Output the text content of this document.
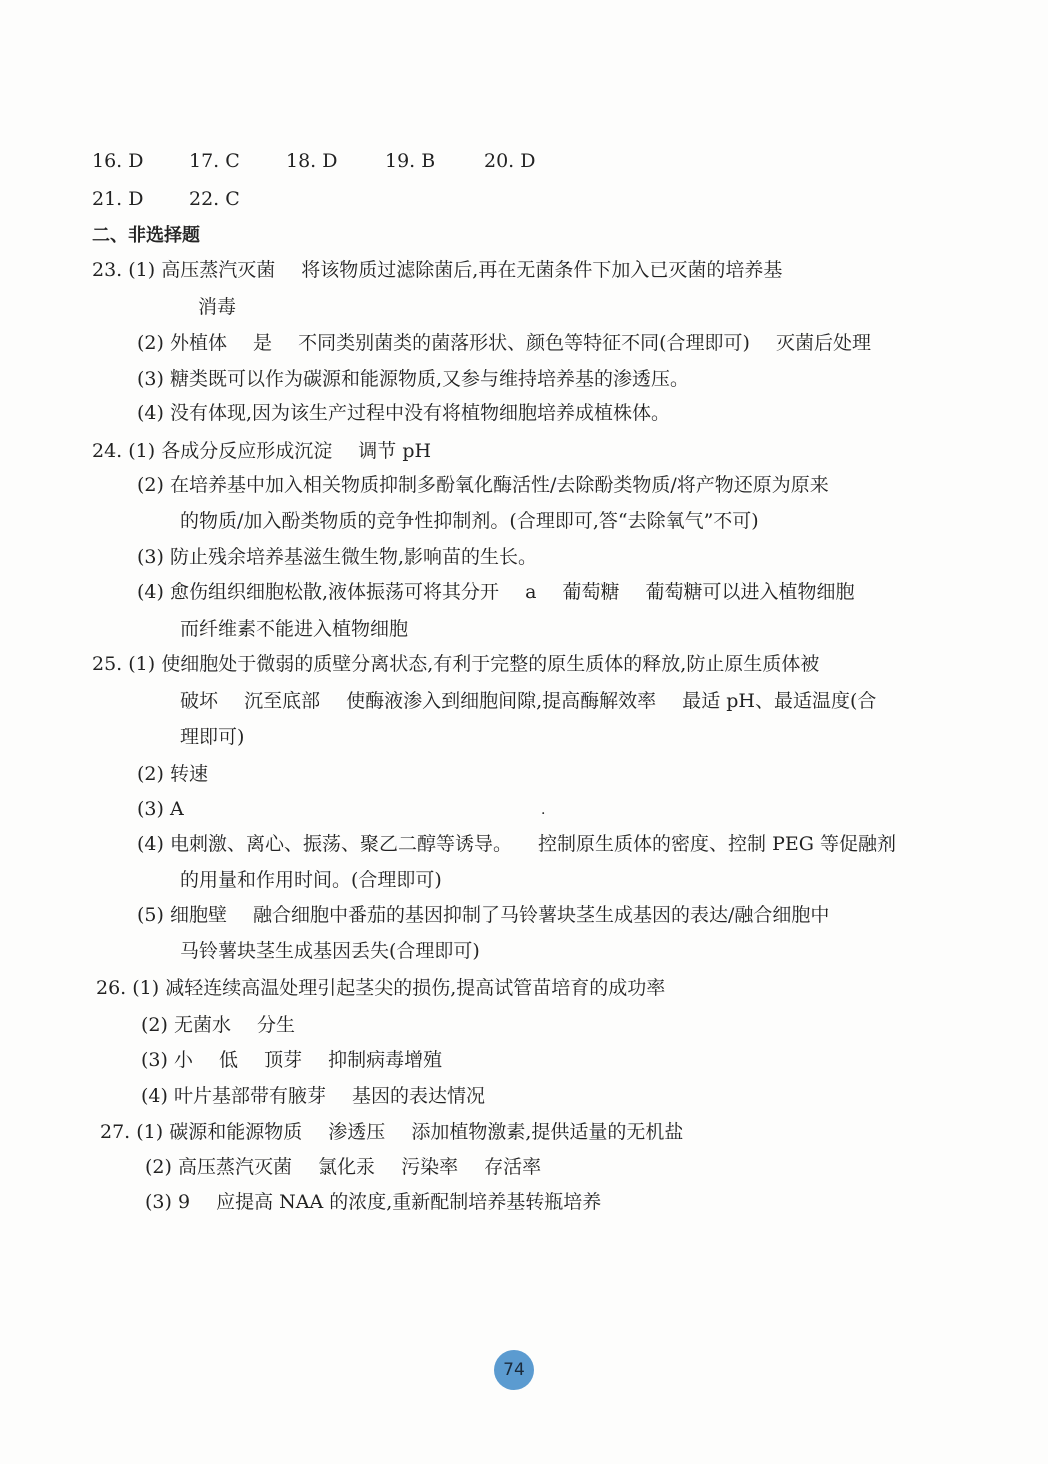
16. D 17. C 18. D	19. B	20. D
21. D 22. C
二、非选择题
23. (1) 高压蒸汽灭菌 将该物质过滤除菌后,再在无菌条件下加入已灭菌的培养基
消毒
(2) 外植体 是 不同类别菌类的菌落形状、颜色等特征不同(合理即可) 灭菌后处理
(3) 糖类既可以作为碳源和能源物质,又参与维持培养基的渗透压。
(4) 没有体现,因为该生产过程中没有将植物细胞培养成植株体。
24. (1) 各成分反应形成沉淀 调节 pH
(2) 在培养基中加入相关物质抑制多酚氧化酶活性/去除酚类物质/将产物还原为原来
的物质/加入酚类物质的竞争性抑制剂。(合理即可,答“去除氧气”不可)
(3) 防止残余培养基滋生微生物,影响苗的生长。
(4) 愈伤组织细胞松散,液体振荡可将其分开 a 葡萄糖 葡萄糖可以进入植物细胞
而纤维素不能进入植物细胞
25. (1) 使细胞处于微弱的质壁分离状态,有利于完整的原生质体的释放,防止原生质体被
破坏 沉至底部 使酶液渗入到细胞间隙,提高酶解效率 最适 pH、最适温度(合
理即可)
(2) 转速
(3) A	·
(4) 电刺激、离心、振荡、聚乙二醇等诱导。 控制原生质体的密度、控制 PEG 等促融剂
的用量和作用时间。(合理即可)
(5) 细胞壁 融合细胞中番茄的基因抑制了马铃薯块茎生成基因的表达/融合细胞中
马铃薯块茎生成基因丢失(合理即可)
26. (1) 减轻连续高温处理引起茎尖的损伤,提高试管苗培育的成功率
(2) 无菌水 分生
(3) 小 低 顶芽 抑制病毒增殖
(4) 叶片基部带有腋芽 基因的表达情况
27. (1) 碳源和能源物质 渗透压 添加植物激素,提供适量的无机盐
(2) 高压蒸汽灭菌 氯化汞 污染率 存活率
(3) 9 应提高 NAA 的浓度,重新配制培养基转瓶培养
74
